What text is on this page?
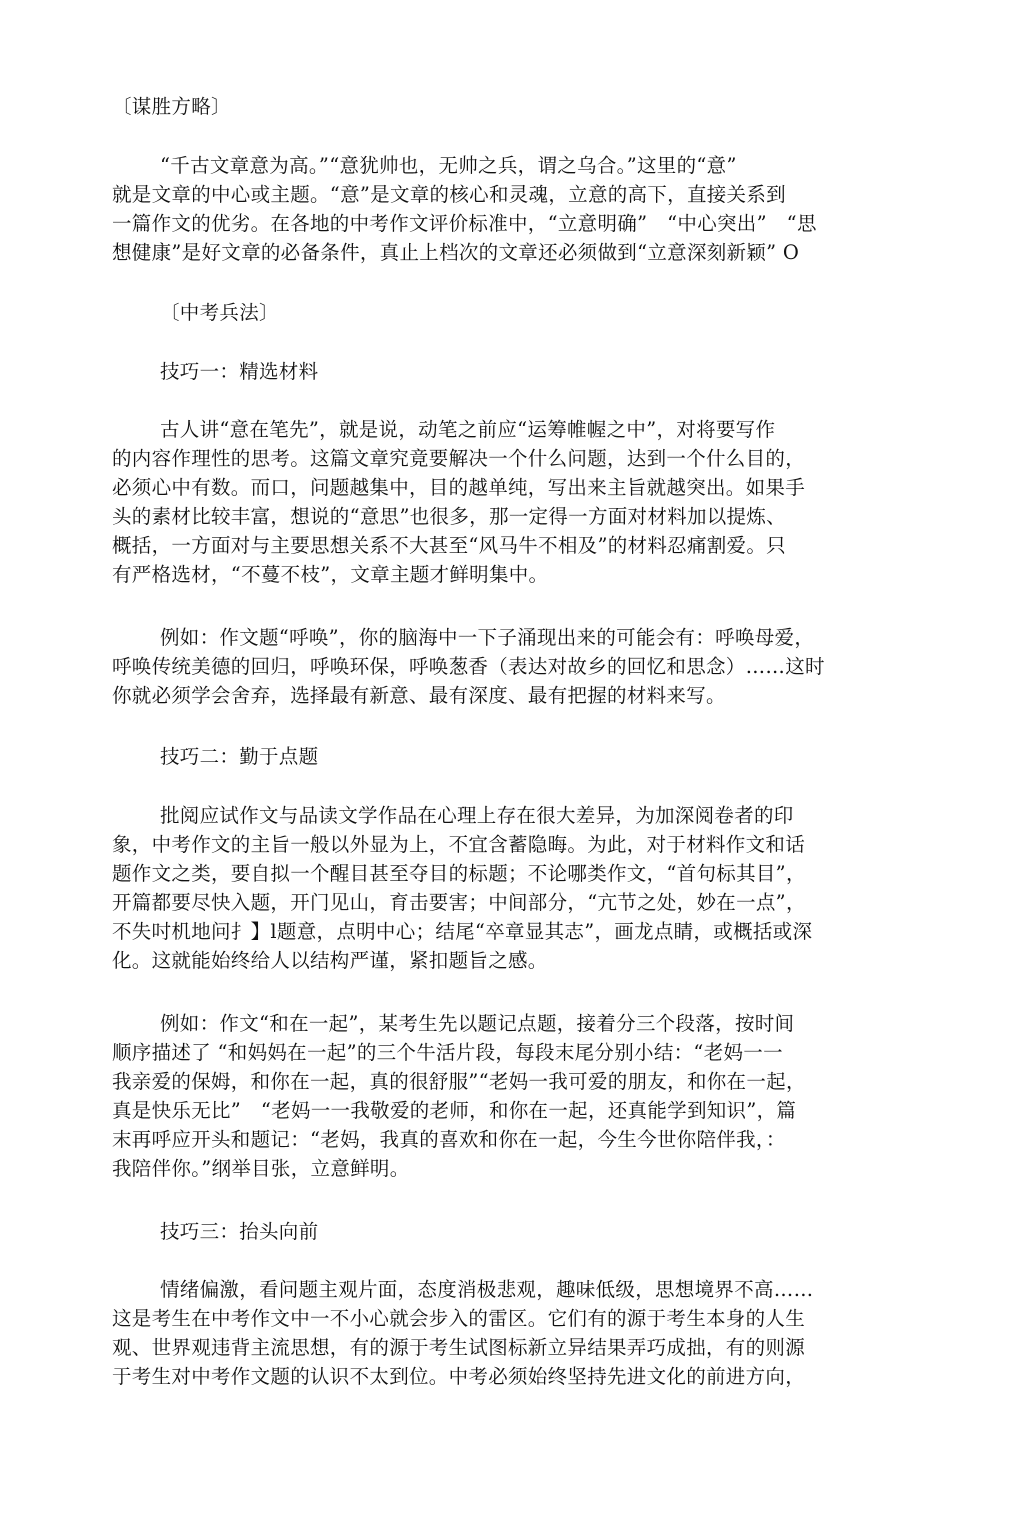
〔谋胜方略〕
“千古文章意为高。”“意犹帅也，无帅之兵，谓之乌合。”这里的“意”
就是文章的中心或主题。“意”是文章的核心和灵魂，立意的高下，直接关系到
一篇作文的优劣。在各地的中考作文评价标准中，“立意明确”　“中心突出”　“思
想健康”是好文章的必备条件，真止上档次的文章还必须做到“立意深刻新颖” O
〔中考兵法〕
技巧一：精选材料
古人讲“意在笔先”，就是说，动笔之前应“运筹帷幄之中”，对将要写作
的内容作理性的思考。这篇文章究竟要解决一个什么问题，达到一个什么目的，
必须心中有数。而口，问题越集中，目的越单纯，写出来主旨就越突出。如果手
头的素材比较丰富，想说的“意思”也很多，那一定得一方面对材料加以提炼、
概括，一方面对与主要思想关系不大甚至“风马牛不相及”的材料忍痛割爱。只
有严格选材，“不蔓不枝”，文章主题才鲜明集中。
例如：作文题“呼唤”，你的脑海中一下子涌现出来的可能会有：呼唤母爱，
呼唤传统美德的回归，呼唤环保，呼唤葱香（表达对故乡的回忆和思念）……这时
你就必须学会舍弃，选择最有新意、最有深度、最有把握的材料来写。
技巧二：勤于点题
批阅应试作文与品读文学作品在心理上存在很大差异，为加深阅卷者的印
象，中考作文的主旨一般以外显为上，不宜含蓄隐晦。为此，对于材料作文和话
题作文之类，要自拟一个醒目甚至夺目的标题；不论哪类作文，“首句标其目”，
开篇都要尽快入题，开门见山，育击要害；中间部分，“亢节之处，妙在一点”，
不失吋机地问扌】l题意，点明中心；结尾“卒章显其志”，画龙点睛，或概括或深
化。这就能始终给人以结构严谨，紧扣题旨之感。
例如：作文“和在一起”，某考生先以题记点题，接着分三个段落，按时间
顺序描述了 “和妈妈在一起”的三个牛活片段，每段末尾分别小结：“老妈一一
我亲爱的保姆，和你在一起，真的很舒服”“老妈一我可爱的朋友，和你在一起，
真是快乐无比”　“老妈一一我敬爱的老师，和你在一起，还真能学到知识”，篇
末再呼应开头和题记：“老妈，我真的喜欢和你在一起，今生今世你陪伴我，：
我陪伴你。”纲举目张，立意鲜明。
技巧三：抬头向前
情绪偏激，看问题主观片面，态度消极悲观，趣味低级，思想境界不高……
这是考生在中考作文中一不小心就会步入的雷区。它们有的源于考生本身的人生
观、世界观违背主流思想，有的源于考生试图标新立异结果弄巧成拙，有的则源
于考生对中考作文题的认识不太到位。中考必须始终坚持先进文化的前进方向，
